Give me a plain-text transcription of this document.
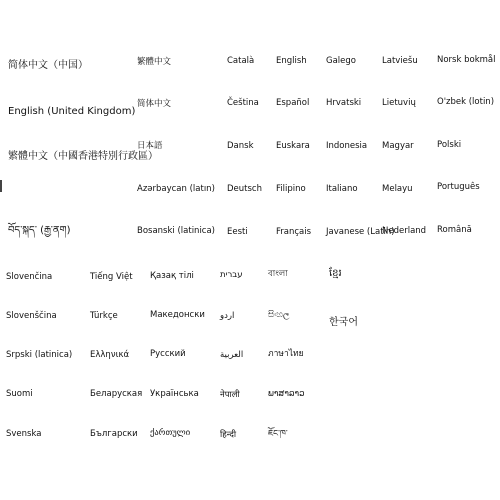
简体中文（中国）
English (United Kingdom)
繁體中文（中國香港特別行政區）
བོད་སྐད་ (རྒྱ་ནག)
繁體中文
简体中文
日本語
Azərbaycan (latın)
Bosanski (latinica)
Català
Čeština
Dansk
Deutsch
Eesti
English
Español
Euskara
Filipino
Français
Galego
Hrvatski
Indonesia
Italiano
Javanese (Latin)
Latviešu
Lietuvių
Magyar
Melayu
Nederland
Norsk bokmål
O'zbek (lotin)
Polski
Português
Română
Slovenčina
Slovenščina
Srpski (latinica)
Suomi
Svenska
Tiếng Việt
Türkçe
Ελληνικά
Беларуская
Български
Қазақ тілі
Македонски
Русский
Українська
ქართული
עברית
اردو
العربية
नेपाली
हिन्दी
বাংলা
සිංහල
ภาษาไทย
ພາສາລາວ
ཇོང་ཁ་
ខ្មែរ
한국어
